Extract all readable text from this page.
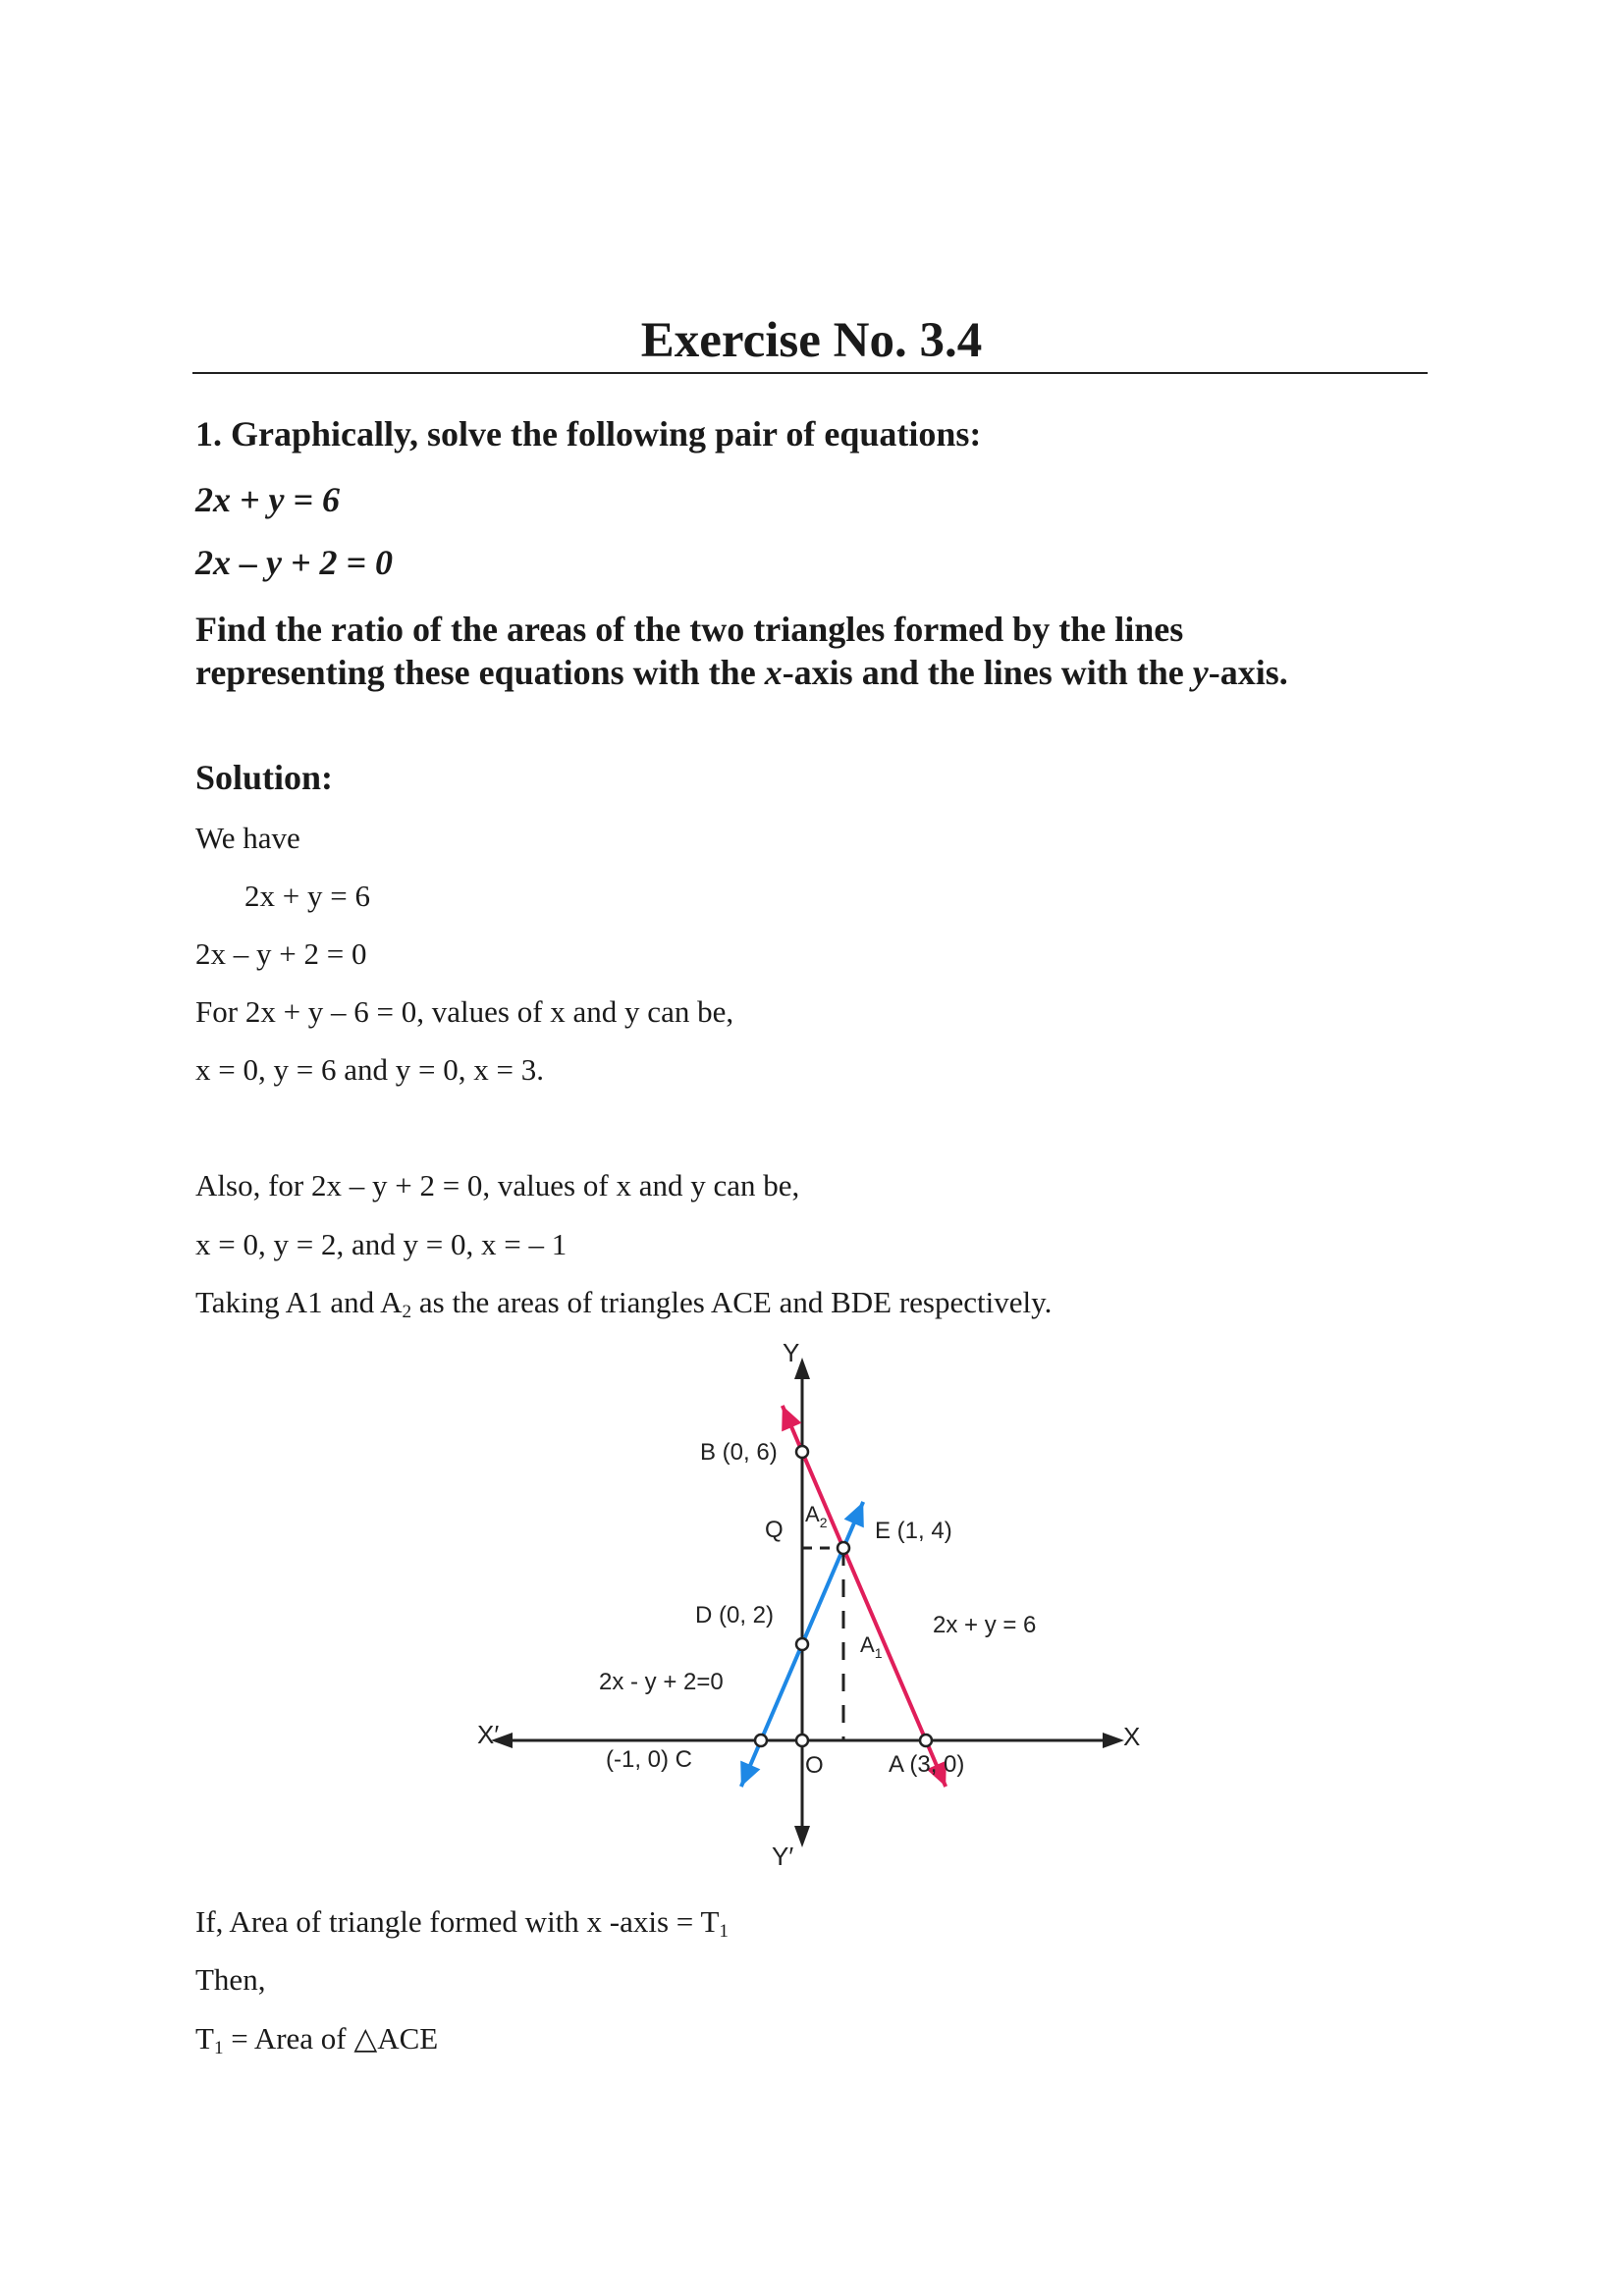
Exercise No. 3.4
1. Graphically, solve the following pair of equations:
2x + y = 6
2x – y + 2 = 0
Find the ratio of the areas of the two triangles formed by the lines
representing these equations with the x-axis and the lines with the y-axis.
Solution:
We have
2x + y = 6
2x – y + 2 = 0
For 2x + y – 6 = 0, values of x and y can be,
x = 0, y = 6 and y = 0, x = 3.
Also, for 2x – y + 2 = 0, values of x and y can be,
x = 0, y = 2, and y = 0, x = – 1
Taking A1 and $A_2$ as the areas of triangles ACE and BDE respectively.
Y
Y′
X
X′
O
B (0, 6)
Q	E (1, 4)
D (0, 2)
(-1, 0) C	A (3, 0)
$A_2$
$A_1$
2x + y = 6
2x - y + 2=0
If, Area of triangle formed with x -axis = $T_1$
Then,
$T_1$ = Area of △ACE
